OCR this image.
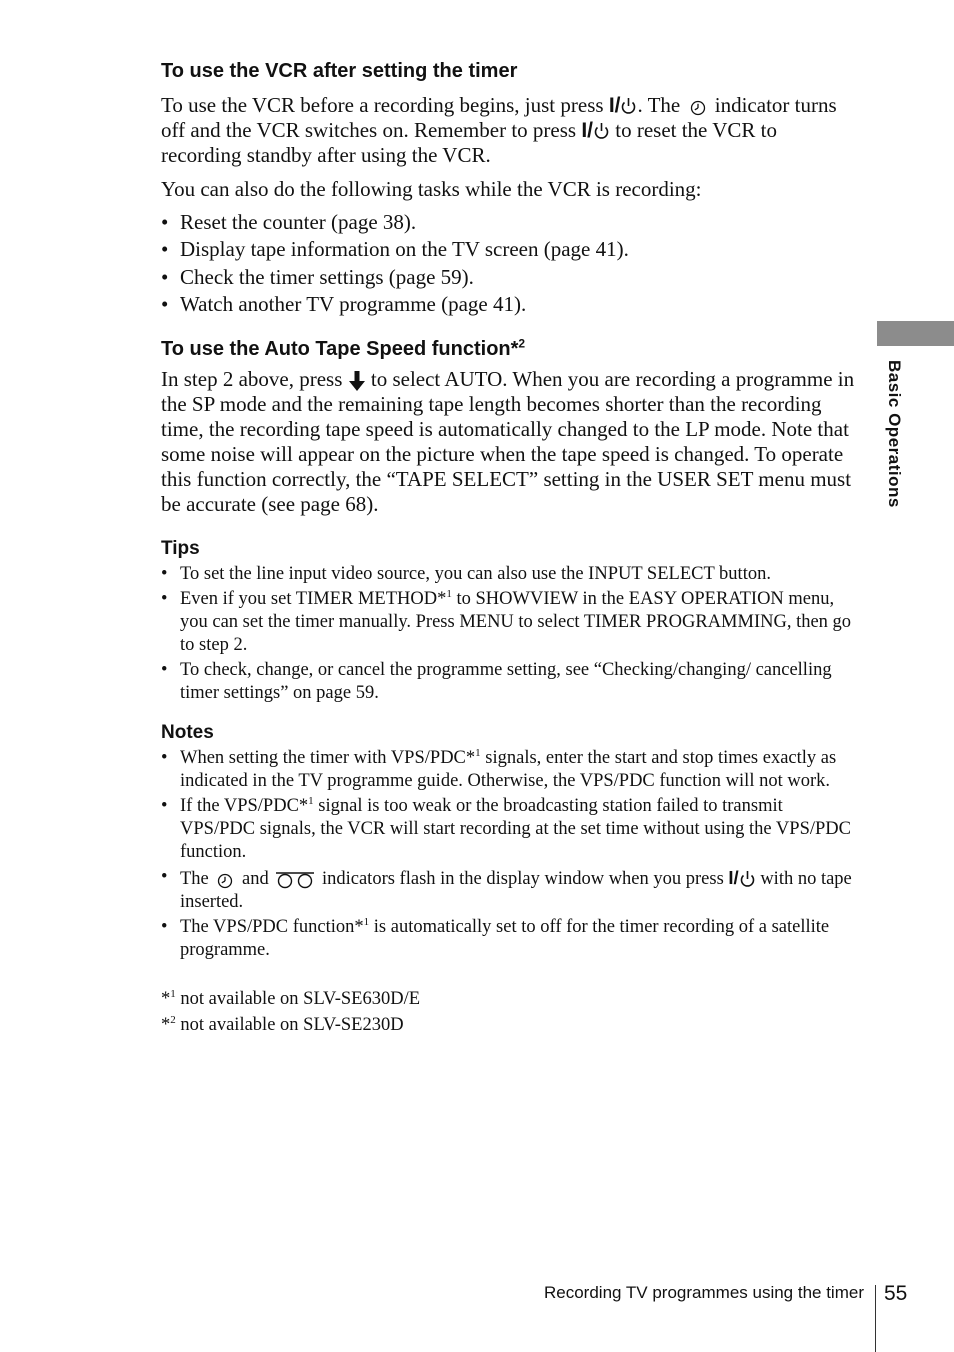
To use the VCR after setting the timer

To use the VCR before a recording begins, just press I/ . The  indicator turns off and the VCR switches on. Remember to press I/ to reset the VCR to recording standby after using the VCR.

You can also do the following tasks while the VCR is recording:

• Reset the counter (page 38).
• Display tape information on the TV screen (page 41).
• Check the timer settings (page 59).
• Watch another TV programme (page 41).
To use the Auto Tape Speed function*$^2$

In step 2 above, press  to select AUTO. When you are recording a programme in the SP mode and the remaining tape length becomes shorter than the recording time, the recording tape speed is automatically changed to the LP mode. Note that some noise will appear on the picture when the tape speed is changed. To operate this function correctly, the “TAPE SELECT” setting in the USER SET menu must be accurate (see page 68).

Tips
• To set the line input video source, you can also use the INPUT SELECT button.
• Even if you set TIMER METHOD*$^1$ to SHOWVIEW in the EASY OPERATION menu, you can set the timer manually. Press MENU to select TIMER PROGRAMMING, then go to step 2.
• To check, change, or cancel the programme setting, see “Checking/changing/ cancelling timer settings” on page 59.
Notes
• When setting the timer with VPS/PDC*$^1$ signals, enter the start and stop times exactly as indicated in the TV programme guide. Otherwise, the VPS/PDC function will not work.
• If the VPS/PDC*$^1$ signal is too weak or the broadcasting station failed to transmit VPS/PDC signals, the VCR will start recording at the set time without using the VPS/PDC function.
• The  and  indicators flash in the display window when you press I/ with no tape inserted.
• The VPS/PDC function*$^1$ is automatically set to off for the timer recording of a satellite programme.
*$^1$ not available on SLV-SE630D/E
*$^2$ not available on SLV-SE230D
Basic Operations
Recording TV programmes using the timer 55
